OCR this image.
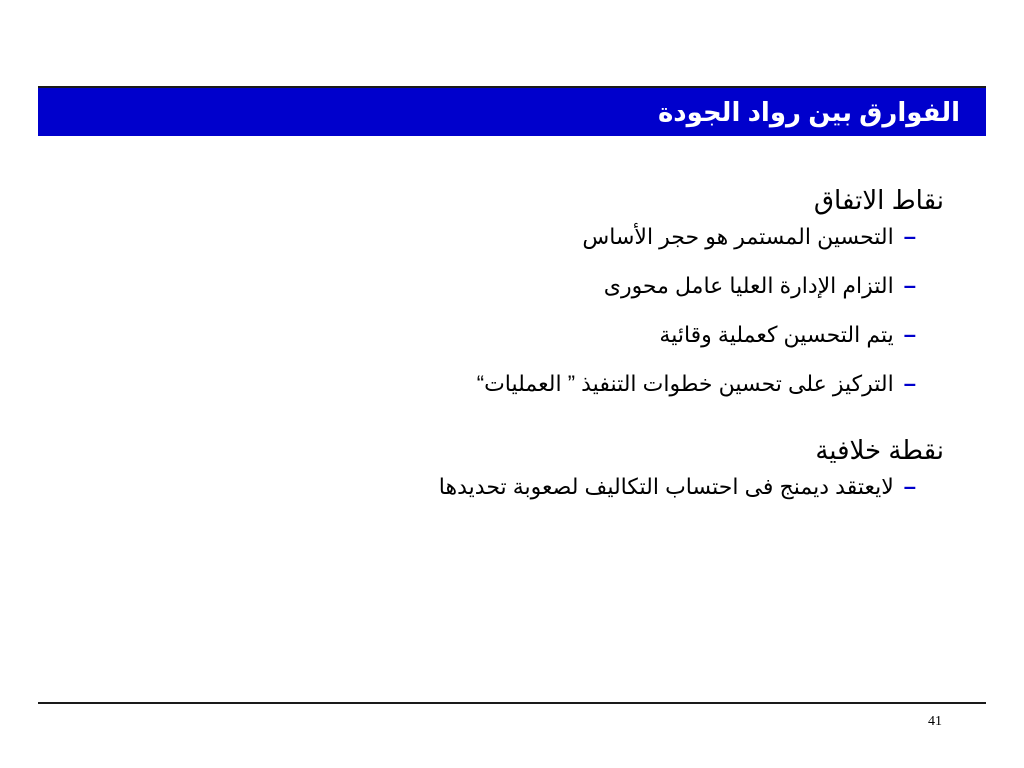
الفوارق بين رواد الجودة

نقاط الاتفاق

–
التحسين المستمر هو حجر الأساس
–
التزام الإدارة العليا عامل محورى
–
يتم التحسين كعملية وقائية
–
التركيز على تحسين خطوات التنفيذ ” العمليات“

نقطة خلافية

–
لايعتقد ديمنج فى احتساب التكاليف لصعوبة تحديدها
41
